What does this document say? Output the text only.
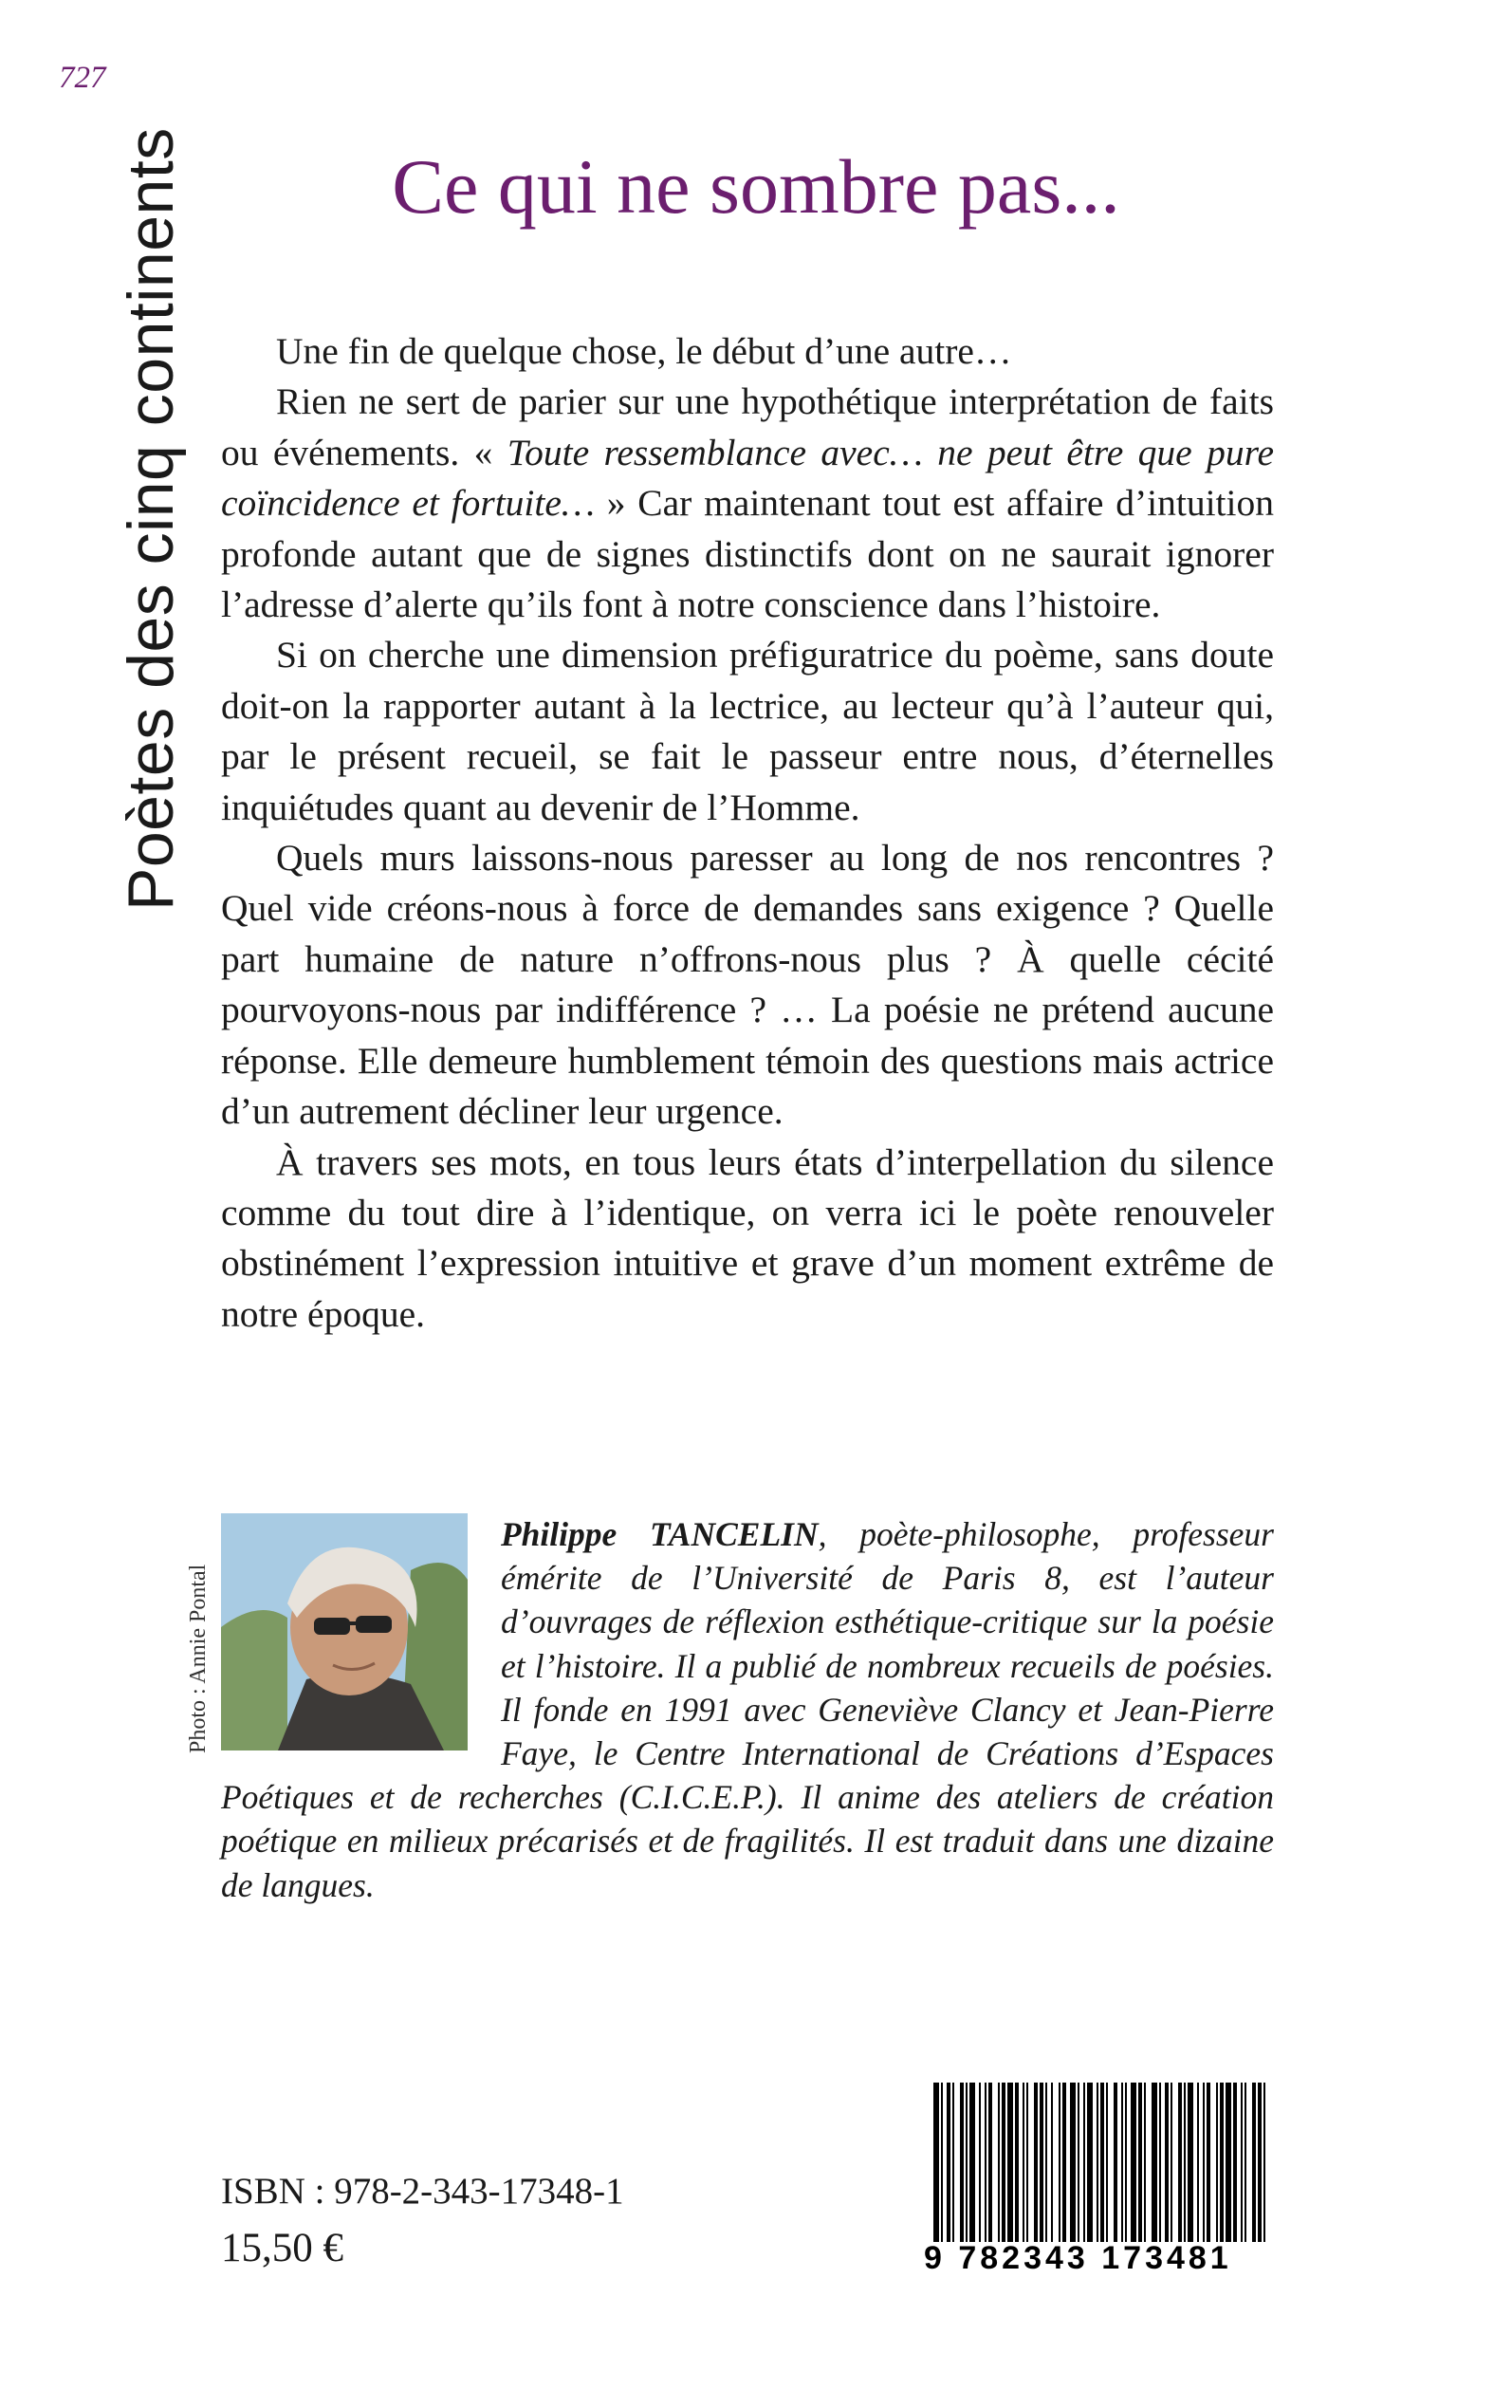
727
Poètes des cinq continents	Ce qui ne sombre pas...

Une fin de quelque chose, le début d’une autre…

Rien ne sert de parier sur une hypothétique interprétation de faits ou événements. « Toute ressemblance avec… ne peut être que pure coïncidence et fortuite… » Car maintenant tout est affaire d’intuition profonde autant que de signes distinctifs dont on ne saurait ignorer l’adresse d’alerte qu’ils font à notre conscience dans l’histoire.

Si on cherche une dimension préfiguratrice du poème, sans doute doit-on la rapporter autant à la lectrice, au lecteur qu’à l’auteur qui, par le présent recueil, se fait le passeur entre nous, d’éternelles inquiétudes quant au devenir de l’Homme.

Quels murs laissons-nous paresser au long de nos rencontres ? Quel vide créons-nous à force de demandes sans exigence ? Quelle part humaine de nature n’offrons-nous plus ? À quelle cécité pourvoyons-nous par indifférence ? … La poésie ne prétend aucune réponse. Elle demeure humblement témoin des questions mais actrice d’un autrement décliner leur urgence.

À travers ses mots, en tous leurs états d’interpellation du silence comme du tout dire à l’identique, on verra ici le poète renouveler obstinément l’expression intuitive et grave d’un moment extrême de notre époque.

Photo : Annie Pontal
Philippe TANCELIN, poète-philosophe, professeur émérite de l’Université de Paris 8, est l’auteur d’ouvrages de réflexion esthétique-critique sur la poésie et l’histoire. Il a publié de nombreux recueils de poésies. Il fonde en 1991 avec Geneviève Clancy et Jean-Pierre Faye, le Centre International de Créations d’Espaces Poétiques et de recherches (C.I.C.E.P.). Il anime des ateliers de création poétique en milieux précarisés et de fragilités. Il est traduit dans une dizaine de langues.
ISBN : 978-2-343-17348-1
15,50 €	9 782343 173481
